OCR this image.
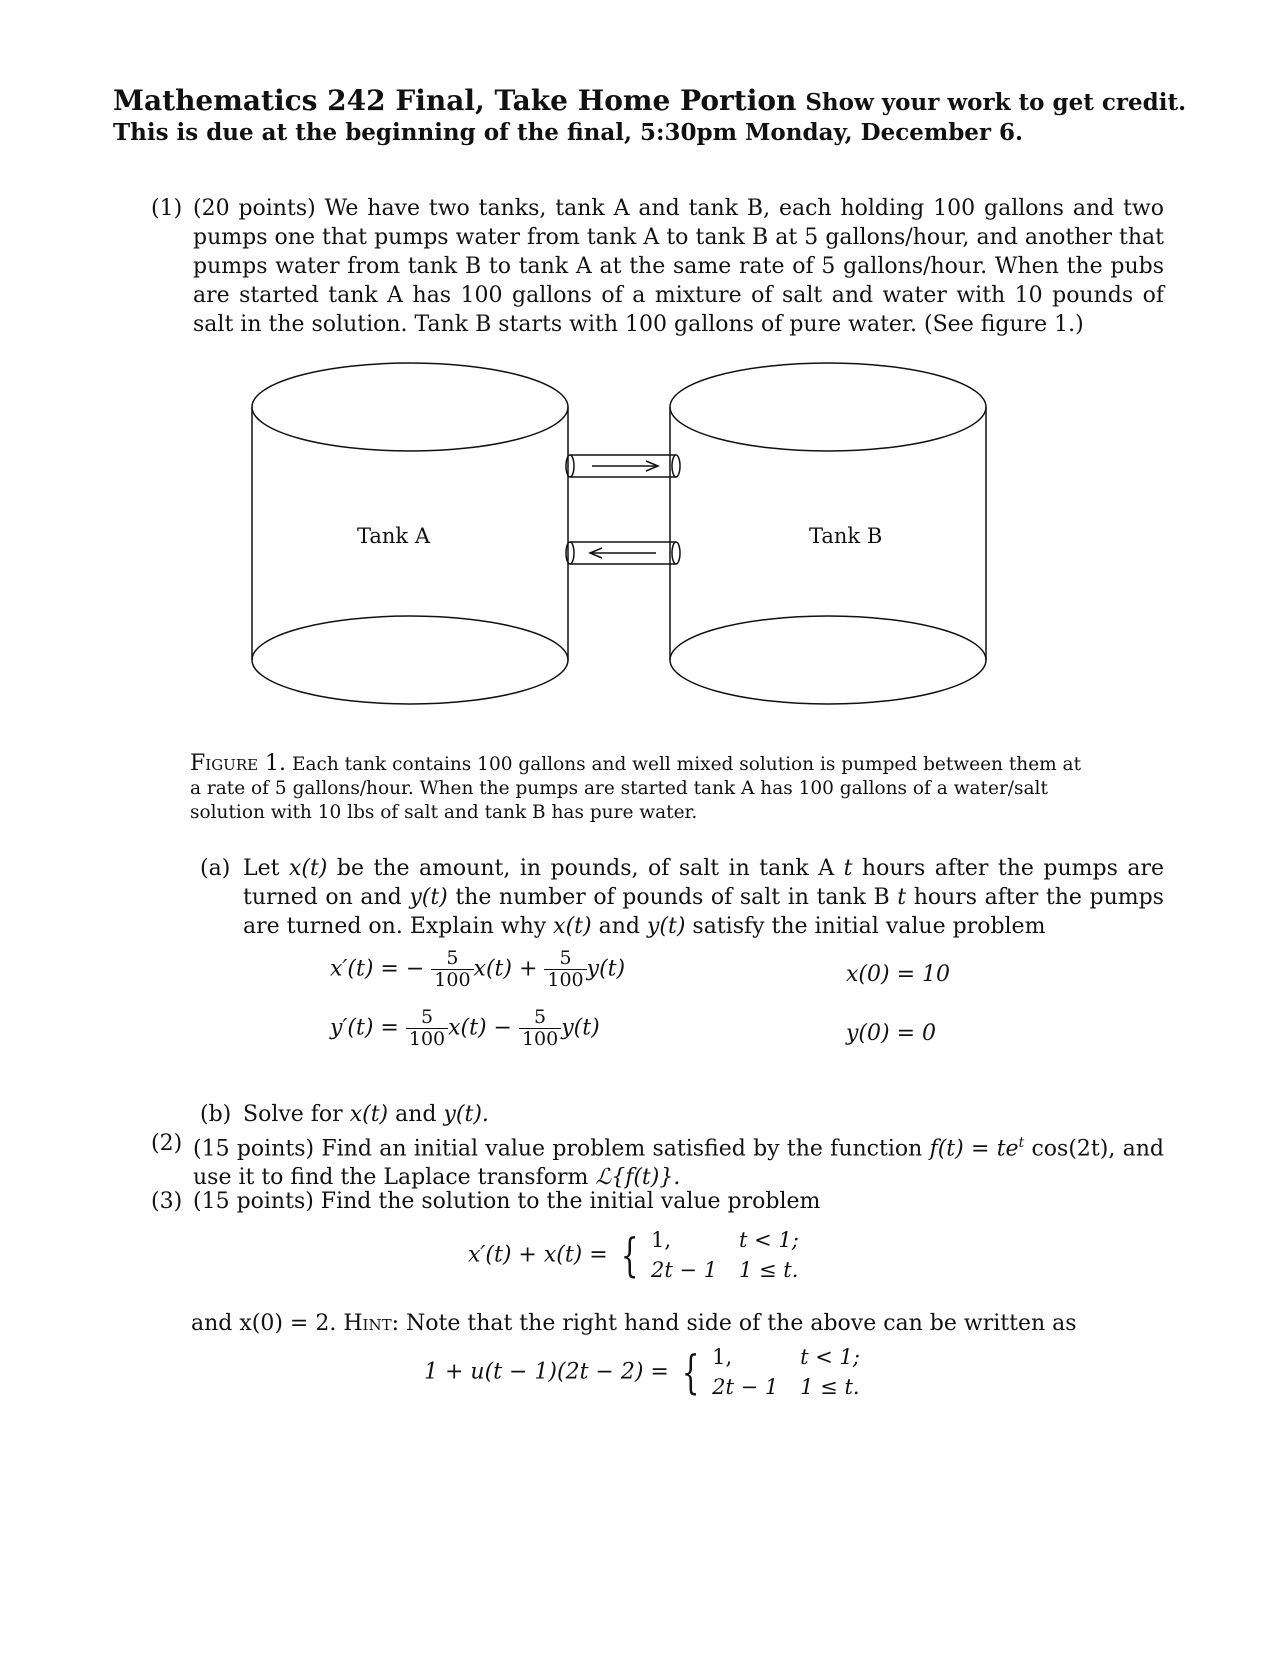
Mathematics 242 Final, Take Home Portion Show your work to get credit.
This is due at the beginning of the final, 5:30pm Monday, December 6.
(1) (20 points) We have two tanks, tank A and tank B, each holding 100 gallons and two pumps one that pumps water from tank A to tank B at 5 gallons/hour, and another that pumps water from tank B to tank A at the same rate of 5 gallons/hour. When the pubs are started tank A has 100 gallons of a mixture of salt and water with 10 pounds of salt in the solution. Tank B starts with 100 gallons of pure water. (See figure 1.)
Tank A	Tank B
Figure 1. Each tank contains 100 gallons and well mixed solution is pumped between them at a rate of 5 gallons/hour. When the pumps are started tank A has 100 gallons of a water/salt solution with 10 lbs of salt and tank B has pure water.
(a) Let x(t) be the amount, in pounds, of salt in tank A t hours after the pumps are turned on and y(t) the number of pounds of salt in tank B t hours after the pumps are turned on. Explain why x(t) and y(t) satisfy the initial value problem
x′(t) = − $\frac{5}{100} x(t) + \frac{5}{100} y(t)$	x(0) = 10
$y'(t) = \frac{5}{100} x(t) - \frac{5}{100} y(t)$	y(0) = 0
(b) Solve for x(t) and y(t).
(2) (15 points) Find an initial value problem satisfied by the function $f(t) = te^t$ cos(2t), and use it to find the Laplace transform ℒ{f(t)}.
(3) (15 points) Find the solution to the initial value problem
x′(t) + x(t) = { 1,	t < 1;
2t − 1 1 ≤ t.
and x(0) = 2. Hint: Note that the right hand side of the above can be written as
1 + u(t − 1)(2t − 2) = { 1,	t < 1;
2t − 1 1 ≤ t.
